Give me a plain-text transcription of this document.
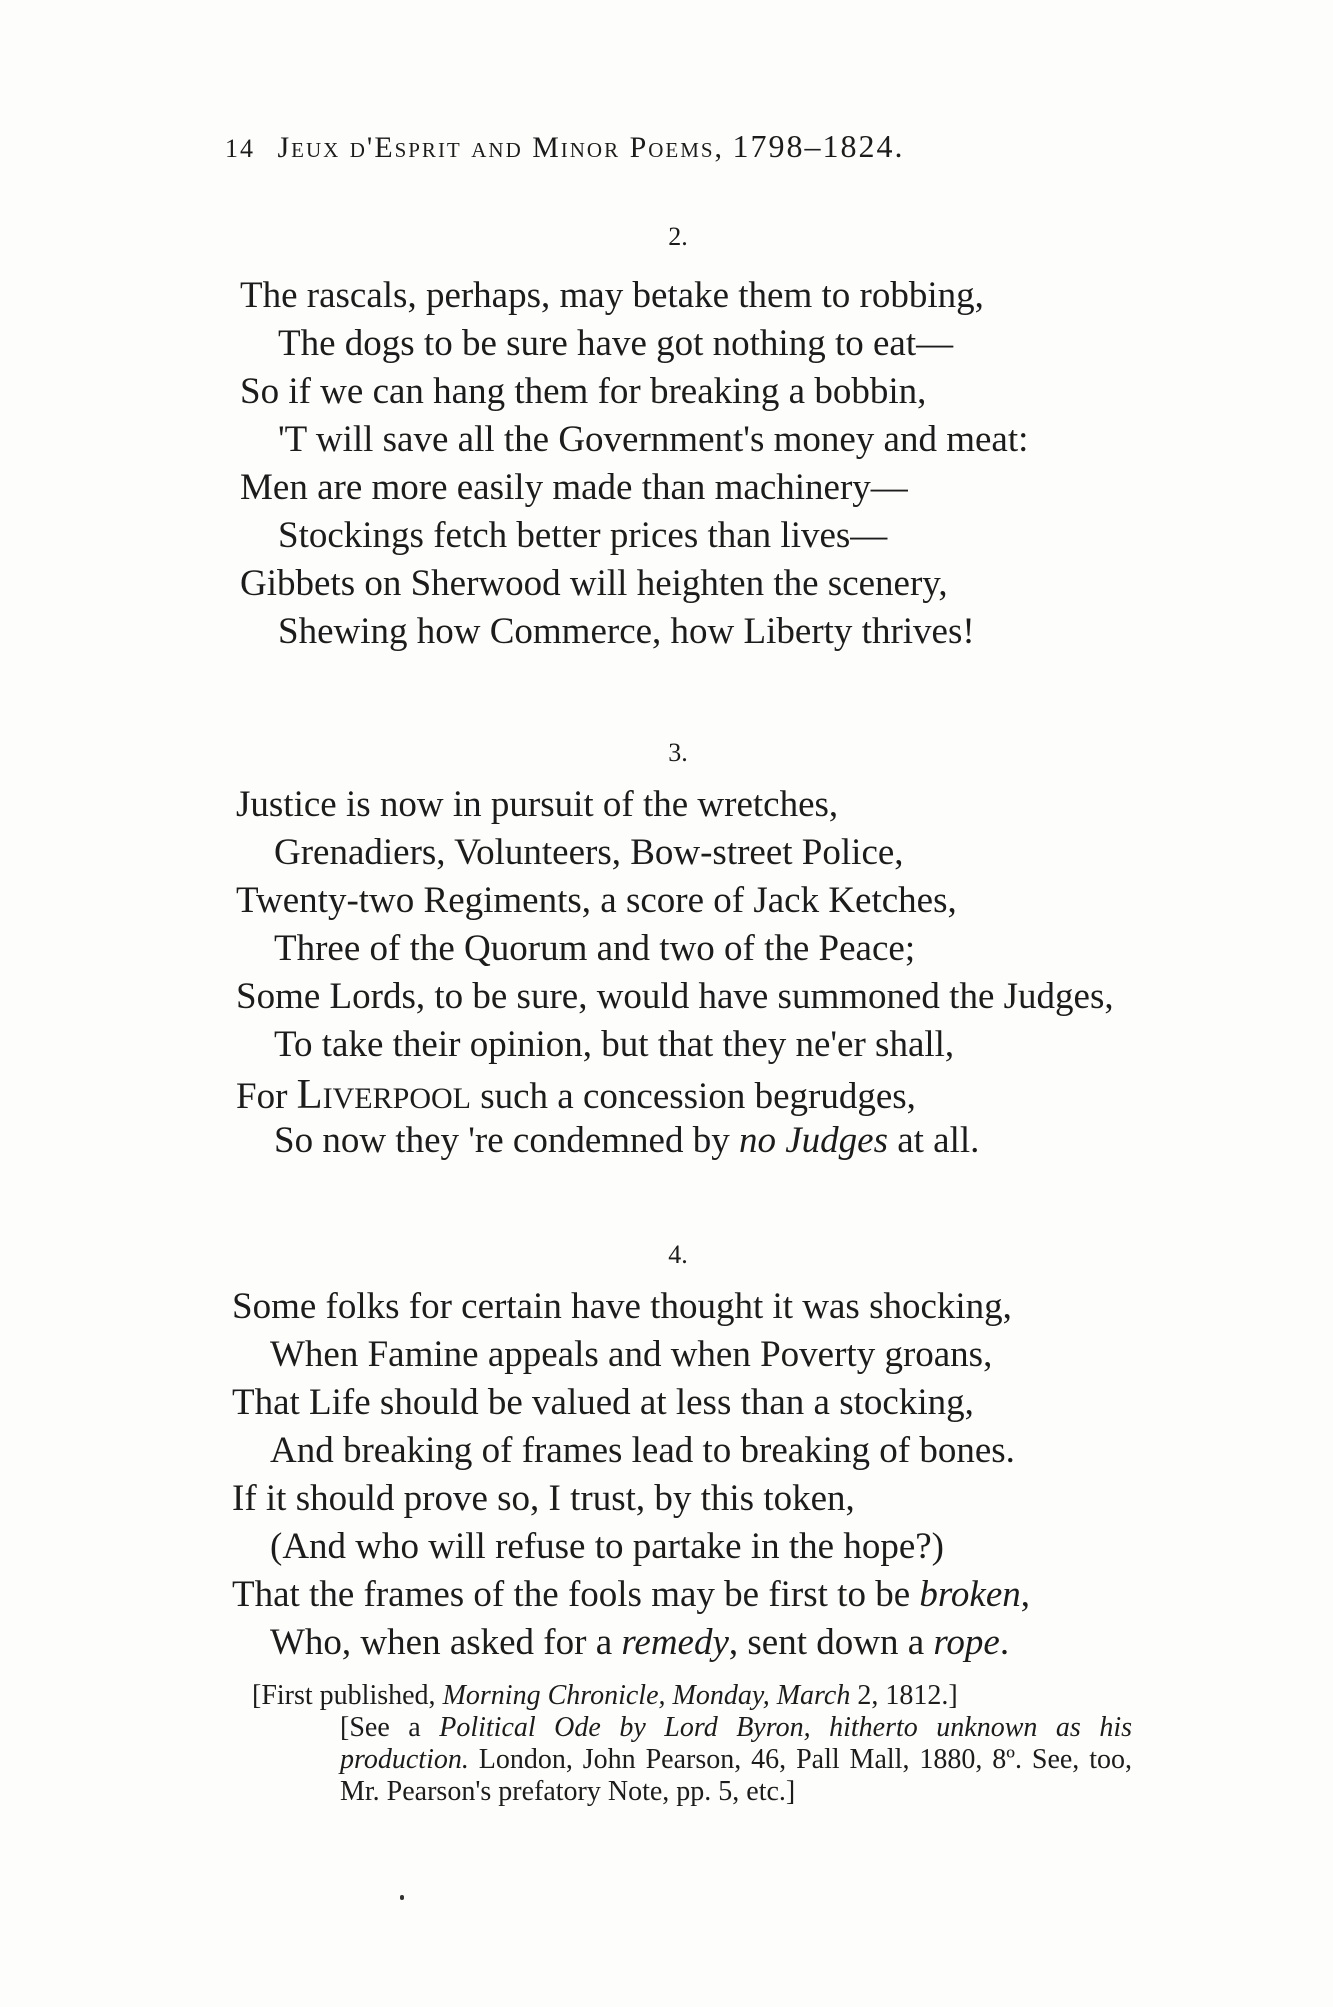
14 Jeux d'Esprit and Minor Poems, 1798–1824.
2.
The rascals, perhaps, may betake them to robbing,
The dogs to be sure have got nothing to eat—
So if we can hang them for breaking a bobbin,
'T will save all the Government's money and meat:
Men are more easily made than machinery—
Stockings fetch better prices than lives—
Gibbets on Sherwood will heighten the scenery,
Shewing how Commerce, how Liberty thrives!
3.
Justice is now in pursuit of the wretches,
Grenadiers, Volunteers, Bow-street Police,
Twenty-two Regiments, a score of Jack Ketches,
Three of the Quorum and two of the Peace;
Some Lords, to be sure, would have summoned the Judges,
To take their opinion, but that they ne'er shall,
For Liverpool such a concession begrudges,
So now they 're condemned by no Judges at all.
4.
Some folks for certain have thought it was shocking,
When Famine appeals and when Poverty groans,
That Life should be valued at less than a stocking,
And breaking of frames lead to breaking of bones.
If it should prove so, I trust, by this token,
(And who will refuse to partake in the hope?)
That the frames of the fools may be first to be broken,
Who, when asked for a remedy, sent down a rope.
[First published, Morning Chronicle, Monday, March 2, 1812.]
[See a Political Ode by Lord Byron, hitherto unknown as his production. London, John Pearson, 46, Pall Mall, 1880, 8º. See, too, Mr. Pearson's prefatory Note, pp. 5, etc.]
